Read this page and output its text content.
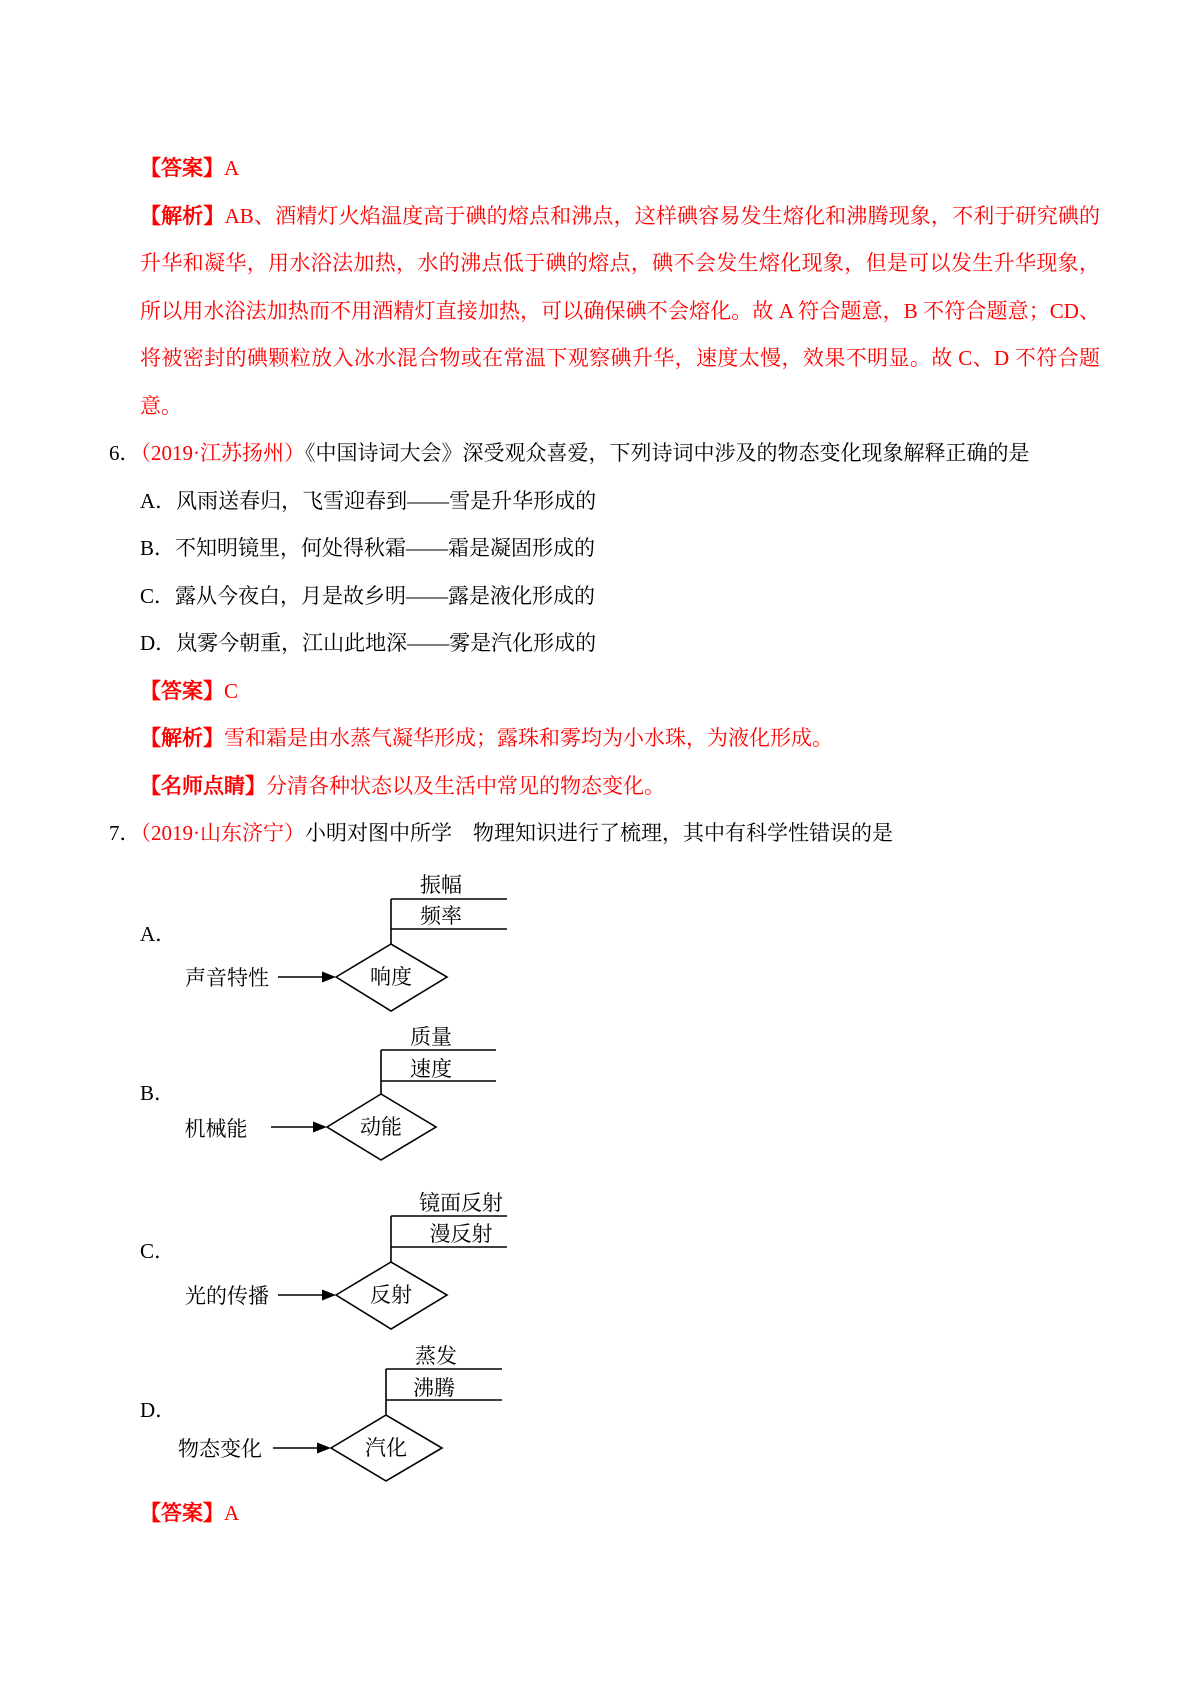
【答案】A
【解析】AB、酒精灯火焰温度高于碘的熔点和沸点，这样碘容易发生熔化和沸腾现象，不利于研究碘的
升华和凝华，用水浴法加热，水的沸点低于碘的熔点，碘不会发生熔化现象，但是可以发生升华现象，
所以用水浴法加热而不用酒精灯直接加热，可以确保碘不会熔化。故 A 符合题意，B 不符合题意；CD、
将被密封的碘颗粒放入冰水混合物或在常温下观察碘升华，速度太慢，效果不明显。故 C、D 不符合题
意。
6．（2019·江苏扬州）《中国诗词大会》深受观众喜爱，下列诗词中涉及的物态变化现象解释正确的是
A．风雨送春归，飞雪迎春到——雪是升华形成的
B．不知明镜里，何处得秋霜——霜是凝固形成的
C．露从今夜白，月是故乡明——露是液化形成的
D．岚雾今朝重，江山此地深——雾是汽化形成的
【答案】C
【解析】雪和霜是由水蒸气凝华形成；露珠和雾均为小水珠，为液化形成。
【名师点睛】分清各种状态以及生活中常见的物态变化。
7．（2019·山东济宁）小明对图中所学　物理知识进行了梳理，其中有科学性错误的是
A．
B．
C．
D．
振幅
频率
响度
声音特性
质量
速度
动能
机械能
镜面反射
漫反射
反射
光的传播
蒸发
沸腾
汽化
物态变化
【答案】A
